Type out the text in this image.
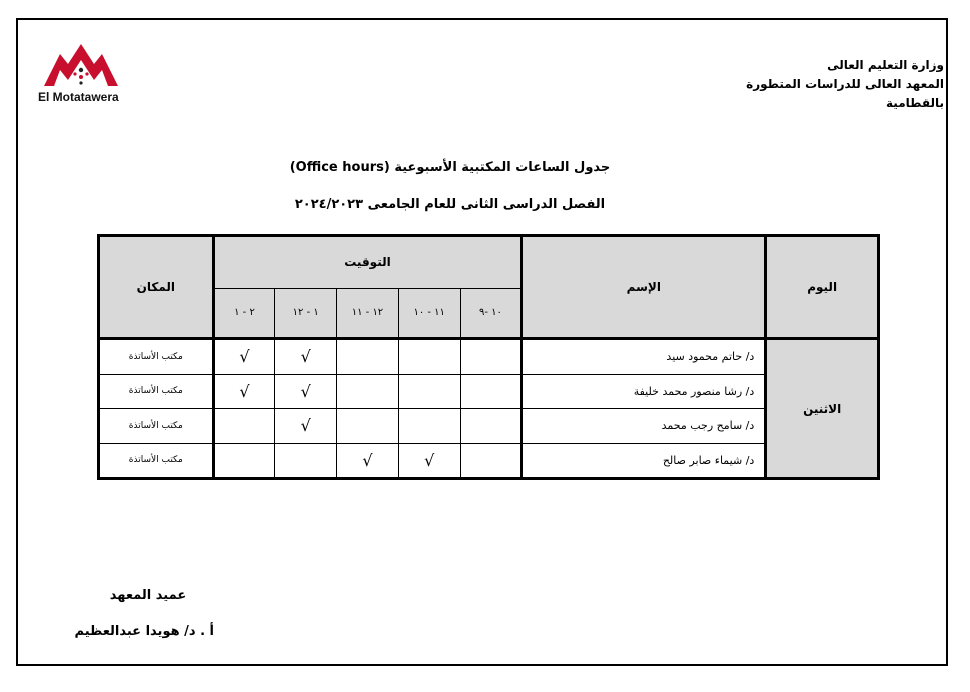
El Motatawera
وزارة التعليم العالى
المعهد العالى للدراسات المتطورة
بالقطامية
جدول الساعات المكتبية الأسبوعية (Office hours)
الفصل الدراسى الثانى للعام الجامعى ٢٠٢٤/٢٠٢٣
المكان	التوقيت					الإسم	اليوم
	٢ - ١	١ - ١٢	١٢ - ١١	١١ - ١٠	١٠ -٩		
مكتب الأساتذة	√	√				د/ حاتم محمود سيد	الاثنين
مكتب الأساتذة	√	√				د/ رشا منصور محمد خليفة	
مكتب الأساتذة		√				د/ سامح رجب محمد	
مكتب الأساتذة			√	√		د/ شيماء صابر صالح	
عميد المعهد
أ . د/ هويدا عبدالعظيم
